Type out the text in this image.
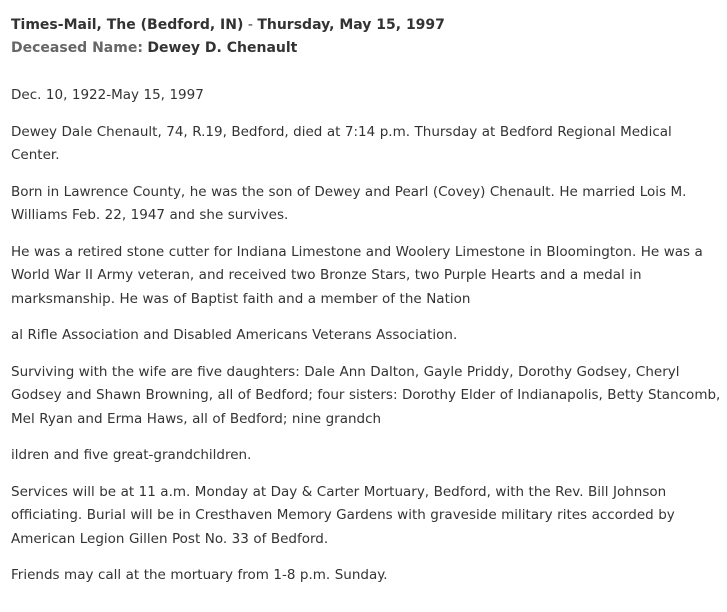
Times-Mail, The (Bedford, IN) - Thursday, May 15, 1997
Deceased Name: Dewey D. Chenault

Dec. 10, 1922-May 15, 1997

Dewey Dale Chenault, 74, R.19, Bedford, died at 7:14 p.m. Thursday at Bedford Regional Medical Center.

Born in Lawrence County, he was the son of Dewey and Pearl (Covey) Chenault. He married Lois M. Williams Feb. 22, 1947 and she survives.

He was a retired stone cutter for Indiana Limestone and Woolery Limestone in Bloomington. He was a World War II Army veteran, and received two Bronze Stars, two Purple Hearts and a medal in marksmanship. He was of Baptist faith and a member of the Nation

al Rifle Association and Disabled Americans Veterans Association.

Surviving with the wife are five daughters: Dale Ann Dalton, Gayle Priddy, Dorothy Godsey, Cheryl Godsey and Shawn Browning, all of Bedford; four sisters: Dorothy Elder of Indianapolis, Betty Stancomb, Mel Ryan and Erma Haws, all of Bedford; nine grandch

ildren and five great-grandchildren.

Services will be at 11 a.m. Monday at Day & Carter Mortuary, Bedford, with the Rev. Bill Johnson officiating. Burial will be in Cresthaven Memory Gardens with graveside military rites accorded by American Legion Gillen Post No. 33 of Bedford.

Friends may call at the mortuary from 1-8 p.m. Sunday.
